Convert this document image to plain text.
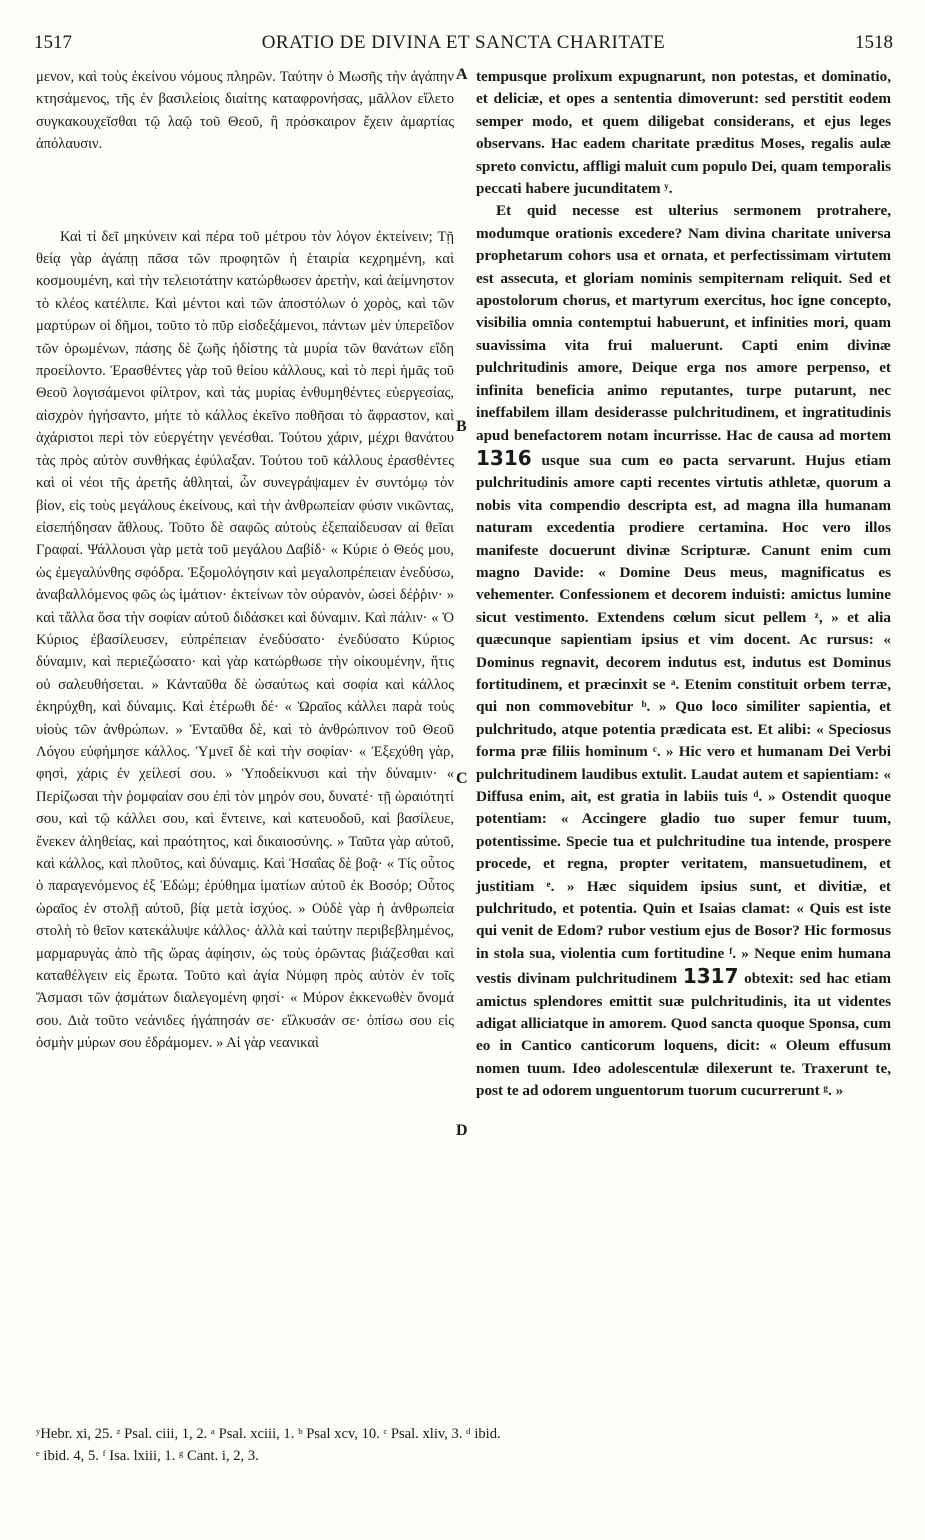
1517	ORATIO DE DIVINA ET SANCTA CHARITATE	1518

μενον, καὶ τοὺς ἐκείνου νόμους πληρῶν. Ταύτην ὁ Μωσῆς τὴν ἀγάπην κτησάμενος, τῆς ἐν βασιλείοις διαίτης καταφρονήσας, μᾶλλον εἵλετο συγκακουχεῖσθαι τῷ λαῷ τοῦ Θεοῦ, ἢ πρόσκαιρον ἔχειν ἁμαρτίας ἀπόλαυσιν.

Καὶ τί δεῖ μηκύνειν καὶ πέρα τοῦ μέτρου τὸν λόγον ἐκτείνειν; Τῇ θείᾳ γὰρ ἀγάπῃ πᾶσα τῶν προφητῶν ἡ ἑταιρία κεχρημένη, καὶ κοσμουμένη, καὶ τὴν τελειοτάτην κατώρθωσεν ἀρετὴν, καὶ ἀείμνηστον τὸ κλέος κατέλιπε. Καὶ μέντοι καὶ τῶν ἀποστόλων ὁ χορὸς, καὶ τῶν μαρτύρων οἱ δῆμοι, τοῦτο τὸ πῦρ εἰσδεξάμενοι, πάντων μὲν ὑπερεῖδον τῶν ὁρωμένων, πάσης δὲ ζωῆς ἡδίστης τὰ μυρία τῶν θανάτων εἴδη προείλοντο. Ἐρασθέντες γὰρ τοῦ θείου κάλλους, καὶ τὸ περὶ ἡμᾶς τοῦ Θεοῦ λογισάμενοι φίλτρον, καὶ τὰς μυρίας ἐνθυμηθέντες εὐεργεσίας, αἰσχρὸν ἡγήσαντο, μήτε τὸ κάλλος ἐκεῖνο ποθῆσαι τὸ ἄφραστον, καὶ ἀχάριστοι περὶ τὸν εὐεργέτην γενέσθαι. Τούτου χάριν, μέχρι θανάτου τὰς πρὸς αὐτὸν συνθήκας ἐφύλαξαν. Τούτου τοῦ κάλλους ἐρασθέντες καὶ οἱ νέοι τῆς ἀρετῆς ἀθληταὶ, ὧν συνεγράψαμεν ἐν συντόμῳ τὸν βίον, εἰς τοὺς μεγάλους ἐκείνους, καὶ τὴν ἀνθρωπείαν φύσιν νικῶντας, εἰσεπήδησαν ἄθλους. Τοῦτο δὲ σαφῶς αὐτοὺς ἐξεπαίδευσαν αἱ θεῖαι Γραφαί. Ψάλλουσι γὰρ μετὰ τοῦ μεγάλου Δαβίδ· « Κύριε ὁ Θεός μου, ὡς ἐμεγαλύνθης σφόδρα. Ἐξομολόγησιν καὶ μεγαλοπρέπειαν ἐνεδύσω, ἀναβαλλόμενος φῶς ὡς ἱμάτιον· ἐκτείνων τὸν οὐρανὸν, ὡσεὶ δέῤῥιν· » καὶ τἄλλα ὅσα τὴν σοφίαν αὐτοῦ διδάσκει καὶ δύναμιν. Καὶ πάλιν· « Ὁ Κύριος ἐβασίλευσεν, εὐπρέπειαν ἐνεδύσατο· ἐνεδύσατο Κύριος δύναμιν, καὶ περιεζώσατο· καὶ γὰρ κατώρθωσε τὴν οἰκουμένην, ἥτις οὐ σαλευθήσεται. » Κἀνταῦθα δὲ ὡσαύτως καὶ σοφία καὶ κάλλος ἐκηρύχθη, καὶ δύναμις. Καὶ ἑτέρωθι δέ· « Ὡραῖος κάλλει παρὰ τοὺς υἱοὺς τῶν ἀνθρώπων. » Ἐνταῦθα δὲ, καὶ τὸ ἀνθρώπινον τοῦ Θεοῦ Λόγου εὐφήμησε κάλλος. Ὑμνεῖ δὲ καὶ τὴν σοφίαν· « Ἐξεχύθη γὰρ, φησὶ, χάρις ἐν χείλεσί σου. » Ὑποδείκνυσι καὶ τὴν δύναμιν· « Περίζωσαι τὴν ῥομφαίαν σου ἐπὶ τὸν μηρόν σου, δυνατέ· τῇ ὡραιότητί σου, καὶ τῷ κάλλει σου, καὶ ἔντεινε, καὶ κατευοδοῦ, καὶ βασίλευε, ἕνεκεν ἀληθείας, καὶ πραότητος, καὶ δικαιοσύνης. » Ταῦτα γὰρ αὐτοῦ, καὶ κάλλος, καὶ πλοῦτος, καὶ δύναμις. Καὶ Ἡσαΐας δὲ βοᾷ· « Τίς οὗτος ὁ παραγενόμενος ἐξ Ἐδώμ; ἐρύθημα ἱματίων αὐτοῦ ἐκ Βοσόρ; Οὗτος ὡραῖος ἐν στολῇ αὐτοῦ, βίᾳ μετὰ ἰσχύος. » Οὐδὲ γὰρ ἡ ἀνθρωπεία στολὴ τὸ θεῖον κατεκάλυψε κάλλος· ἀλλὰ καὶ ταύτην περιβεβλημένος, μαρμαρυγὰς ἀπὸ τῆς ὥρας ἀφίησιν, ὡς τοὺς ὁρῶντας βιάζεσθαι καὶ καταθέλγειν εἰς ἔρωτα. Τοῦτο καὶ ἁγία Νύμφη πρὸς αὐτὸν ἐν τοῖς Ἄσμασι τῶν ᾀσμάτων διαλεγομένη φησί· « Μύρον ἐκκενωθὲν ὄνομά σου. Διὰ τοῦτο νεάνιδες ἠγάπησάν σε· εἵλκυσάν σε· ὀπίσω σου εἰς ὀσμὴν μύρων σου ἐδράμομεν. » Αἱ γὰρ νεανικαὶ

A
B
C
D

tempusque prolixum expugnarunt, non potestas, et dominatio, et deliciæ, et opes a sententia dimoverunt: sed perstitit eodem semper modo, et quem diligebat considerans, et ejus leges observans. Hac eadem charitate præditus Moses, regalis aulæ spreto convictu, affligi maluit cum populo Dei, quam temporalis peccati habere jucunditatem ʸ.

Et quid necesse est ulterius sermonem protrahere, modumque orationis excedere? Nam divina charitate universa prophetarum cohors usa et ornata, et perfectissimam virtutem est assecuta, et gloriam nominis sempiternam reliquit. Sed et apostolorum chorus, et martyrum exercitus, hoc igne concepto, visibilia omnia contemptui habuerunt, et infinities mori, quam suavissima vita frui maluerunt. Capti enim divinæ pulchritudinis amore, Deique erga nos amore perpenso, et infinita beneficia animo reputantes, turpe putarunt, nec ineffabilem illam desiderasse pulchritudinem, et ingratitudinis apud benefactorem notam incurrisse. Hac de causa ad mortem 1316 usque sua cum eo pacta servarunt. Hujus etiam pulchritudinis amore capti recentes virtutis athletæ, quorum a nobis vita compendio descripta est, ad magna illa humanam naturam excedentia prodiere certamina. Hoc vero illos manifeste docuerunt divinæ Scripturæ. Canunt enim cum magno Davide: « Domine Deus meus, magnificatus es vehementer. Confessionem et decorem induisti: amictus lumine sicut vestimento. Extendens cœlum sicut pellem ᶻ, » et alia quæcunque sapientiam ipsius et vim docent. Ac rursus: « Dominus regnavit, decorem indutus est, indutus est Dominus fortitudinem, et præcinxit se ᵃ. Etenim constituit orbem terræ, qui non commovebitur ᵇ. » Quo loco similiter sapientia, et pulchritudo, atque potentia prædicata est. Et alibi: « Speciosus forma præ filiis hominum ᶜ. » Hic vero et humanam Dei Verbi pulchritudinem laudibus extulit. Laudat autem et sapientiam: « Diffusa enim, ait, est gratia in labiis tuis ᵈ. » Ostendit quoque potentiam: « Accingere gladio tuo super femur tuum, potentissime. Specie tua et pulchritudine tua intende, prospere procede, et regna, propter veritatem, mansuetudinem, et justitiam ᵉ. » Hæc siquidem ipsius sunt, et divitiæ, et pulchritudo, et potentia. Quin et Isaias clamat: « Quis est iste qui venit de Edom? rubor vestium ejus de Bosor? Hic formosus in stola sua, violentia cum fortitudine ᶠ. » Neque enim humana vestis divinam pulchritudinem 1317 obtexit: sed hac etiam amictus splendores emittit suæ pulchritudinis, ita ut videntes adigat alliciatque in amorem. Quod sancta quoque Sponsa, cum eo in Cantico canticorum loquens, dicit: « Oleum effusum nomen tuum. Ideo adolescentulæ dilexerunt te. Traxerunt te, post te ad odorem unguentorum tuorum cucurrerunt ᵍ. »

ʸHebr. xi, 25. ᶻ Psal. ciii, 1, 2. ᵃ Psal. xciii, 1. ᵇ Psal xcv, 10. ᶜ Psal. xliv, 3. ᵈ ibid.
ᵉ ibid. 4, 5. ᶠ Isa. lxiii, 1. ᵍ Cant. i, 2, 3.
